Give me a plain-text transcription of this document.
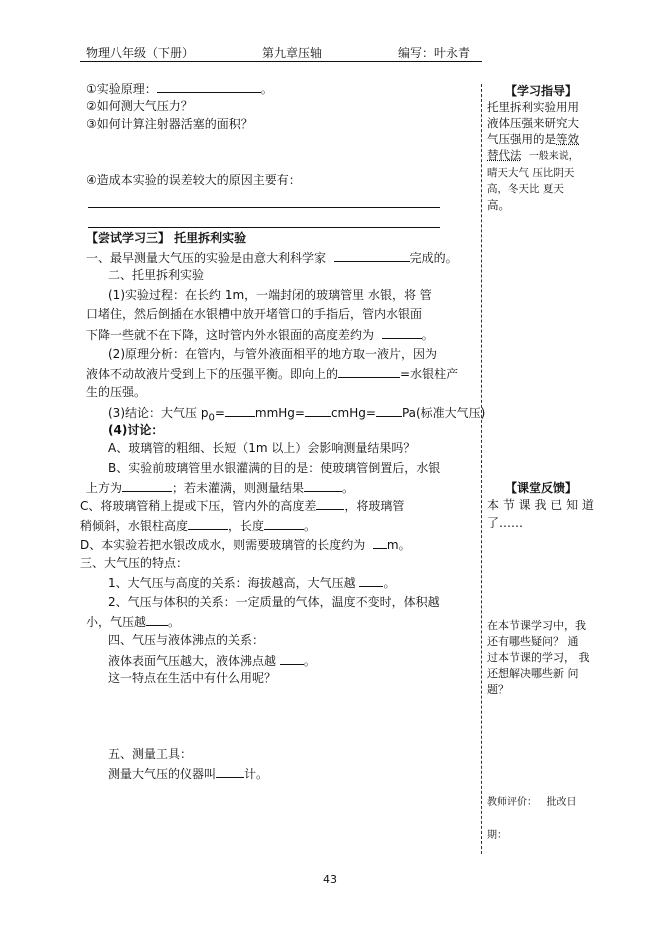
物理八年级（下册）	第九章压轴	编写：叶永青
①实验原理：	。
②如何测大气压力？
③如何计算注射器活塞的面积？
④造成本实验的误差较大的原因主要有：
【尝试学习三】 托里拆利实验
一、最早测量大气压的实验是由意大利科学家	完成的。
二、托里拆利实验
(1)实验过程：在长约 1m，一端封闭的玻璃管里 水银，将 管
口堵住，然后倒插在水银槽中放开堵管口的手指后，管内水银面
下降一些就不在下降，这时管内外水银面的高度差约为	。
(2)原理分析：在管内，与管外液面相平的地方取一液片，因为
液体不动故液片受到上下的压强平衡。即向上的	=水银柱产
生的压强。
(3)结论：大气压 $p_0=$	mmHg= cmHg= Pa(标准大气压)
(4)讨论：
A、玻璃管的粗细、长短（1m 以上）会影响测量结果吗？
B、实验前玻璃管里水银灌满的目的是：使玻璃管倒置后，水银
上方为	；若未灌满，则测量结果	。
C、将玻璃管稍上提或下压，管内外的高度差 ，将玻璃管
稍倾斜，水银柱高度	，长度	。
D、本实验若把水银改成水，则需要玻璃管的长度约为 m。
三、大气压的特点：
1、大气压与高度的关系：海拔越高，大气压越 。
2、气压与体积的关系：一定质量的气体，温度不变时，体积越
小，气压越 。
四、气压与液体沸点的关系：
液体表面气压越大，液体沸点越 。
这一特点在生活中有什么用呢？
五、测量工具：
测量大气压的仪器叫 计。
【学习指导】
托里拆利实验用用
液体压强来研究大
气压强用的是等效
替代法 一般来说，
晴天大气 压比阴天
高，冬天比 夏天
高。
【课堂反馈】
本 节 课 我 已 知 道
了……
在本节课学习中，我
还有哪些疑问？ 通
过本节课的学习， 我
还想解决哪些新 问
题？
教师评价： 批改日
期：
43
